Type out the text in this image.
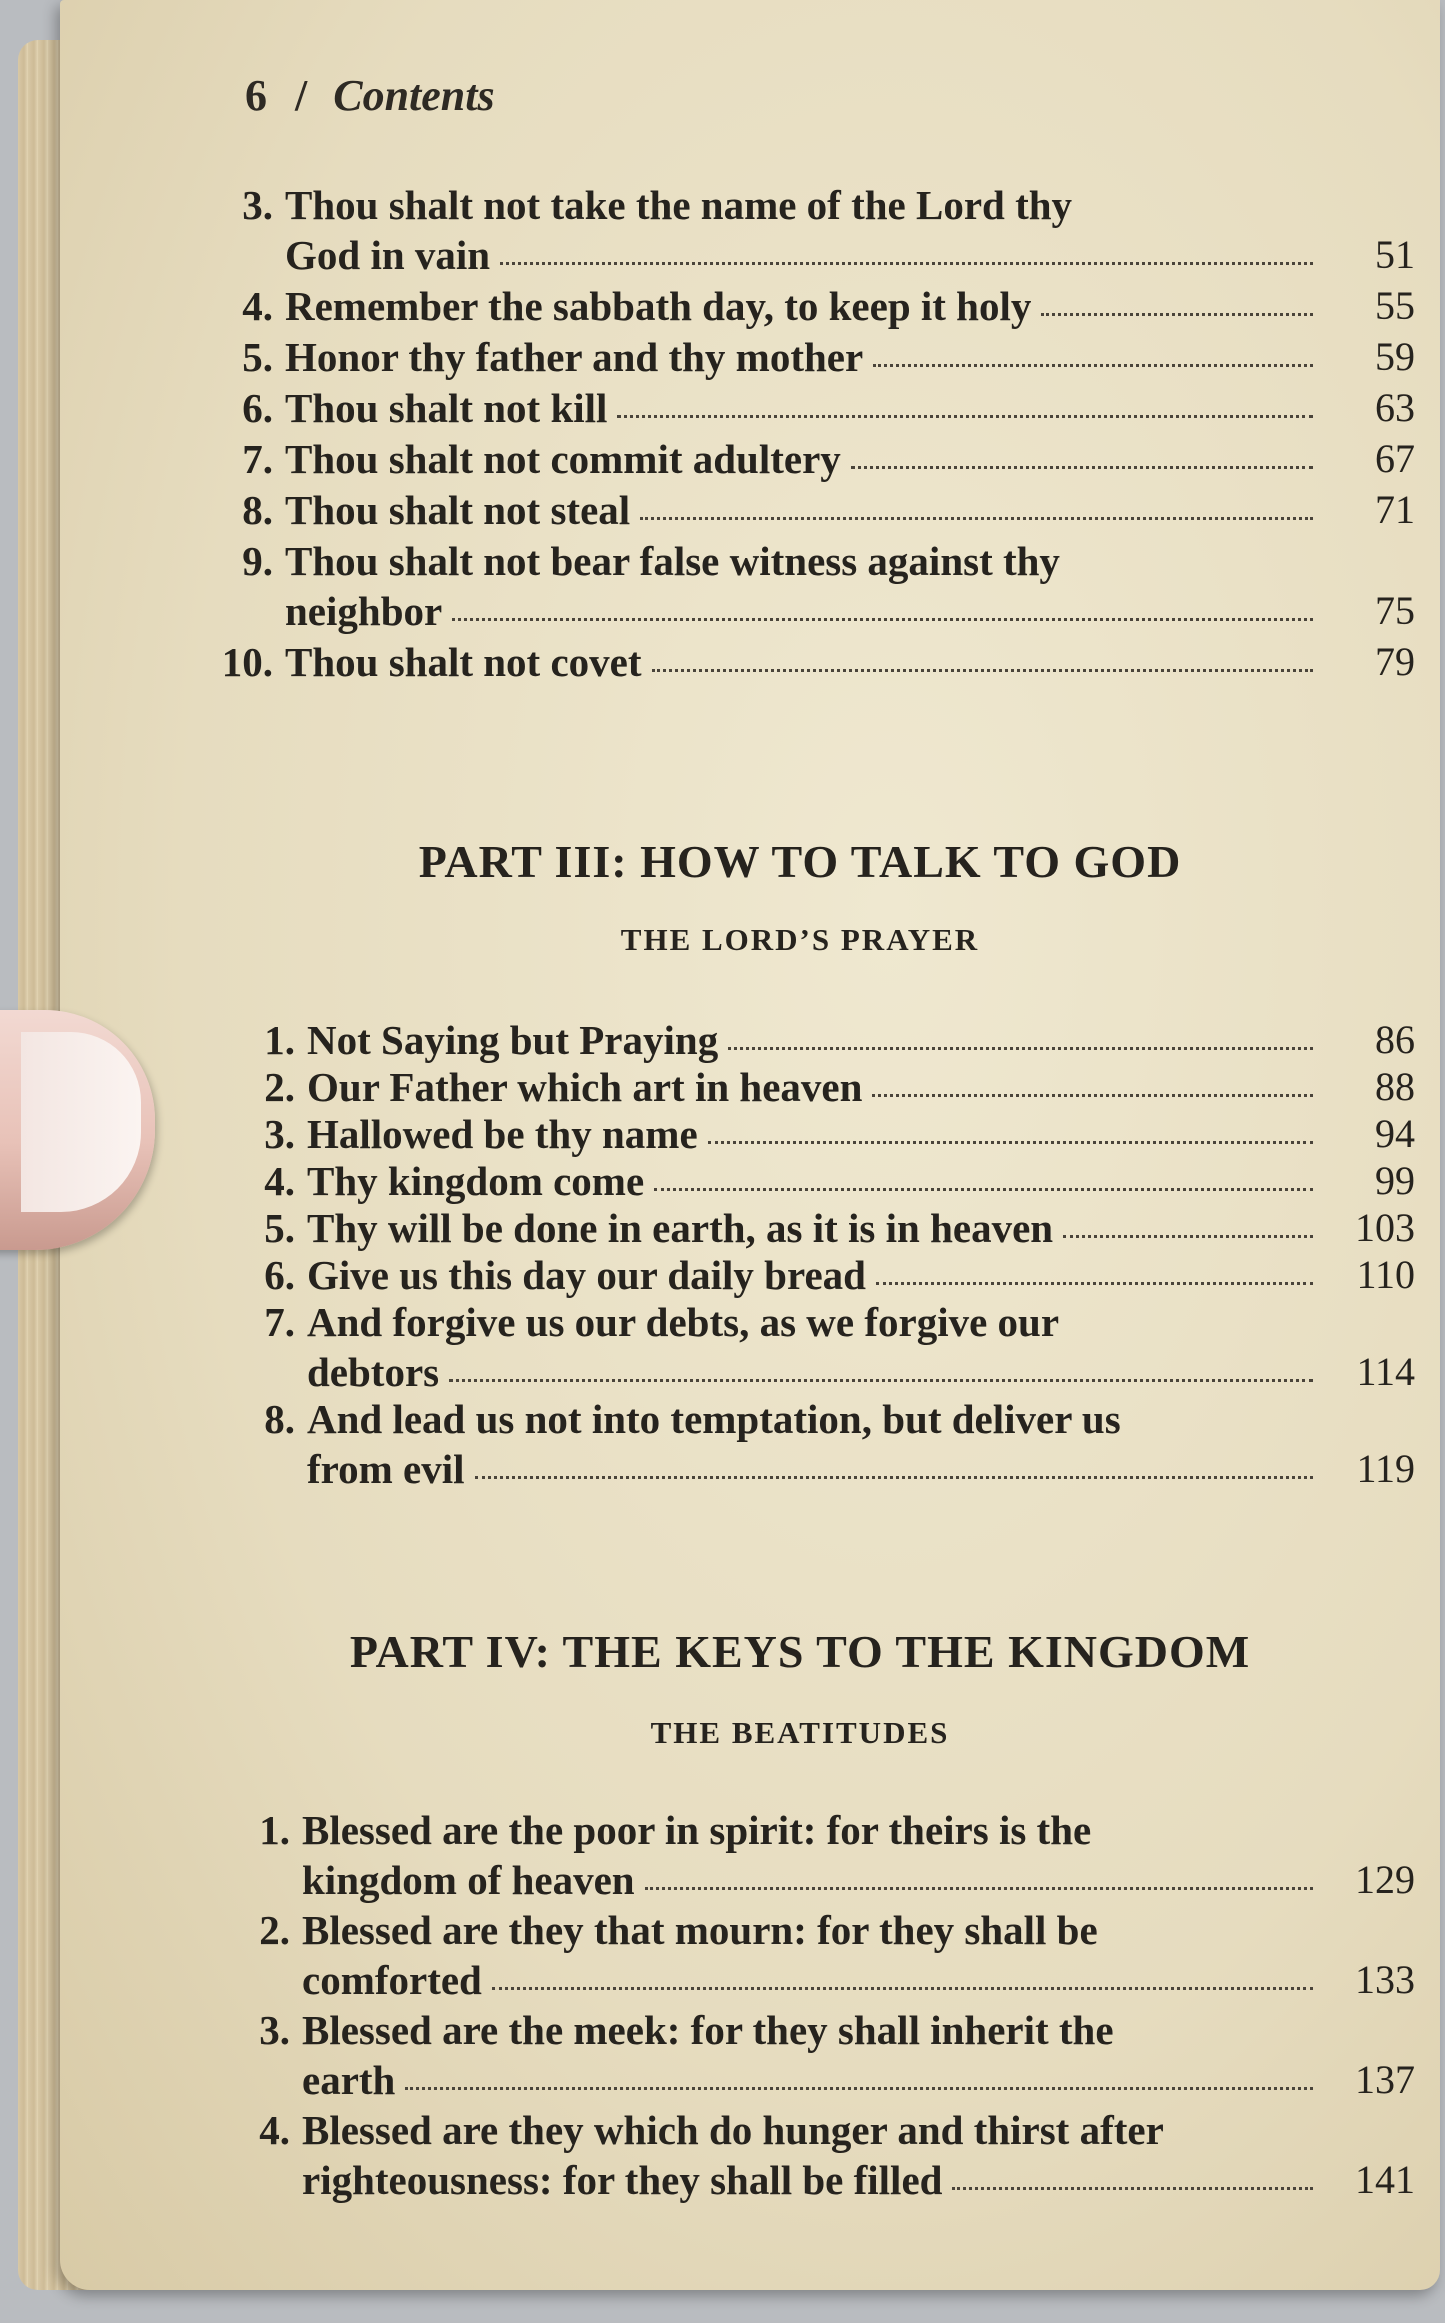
6 / Contents
3. Thou shalt not take the name of the Lord thy
God in vain	51
4. Remember the sabbath day, to keep it holy	55
5. Honor thy father and thy mother	59
6. Thou shalt not kill	63
7. Thou shalt not commit adultery	67
8. Thou shalt not steal	71
9. Thou shalt not bear false witness against thy
neighbor	75
10. Thou shalt not covet	79
PART III: HOW TO TALK TO GOD
THE LORD’S PRAYER
1. Not Saying but Praying	86
2. Our Father which art in heaven	88
3. Hallowed be thy name	94
4. Thy kingdom come	99
5. Thy will be done in earth, as it is in heaven	103
6. Give us this day our daily bread	110
7. And forgive us our debts, as we forgive our
debtors	114
8. And lead us not into temptation, but deliver us
from evil	119
PART IV: THE KEYS TO THE KINGDOM
THE BEATITUDES
1. Blessed are the poor in spirit: for theirs is the
kingdom of heaven	129
2. Blessed are they that mourn: for they shall be
comforted	133
3. Blessed are the meek: for they shall inherit the
earth	137
4. Blessed are they which do hunger and thirst after
righteousness: for they shall be filled	141
